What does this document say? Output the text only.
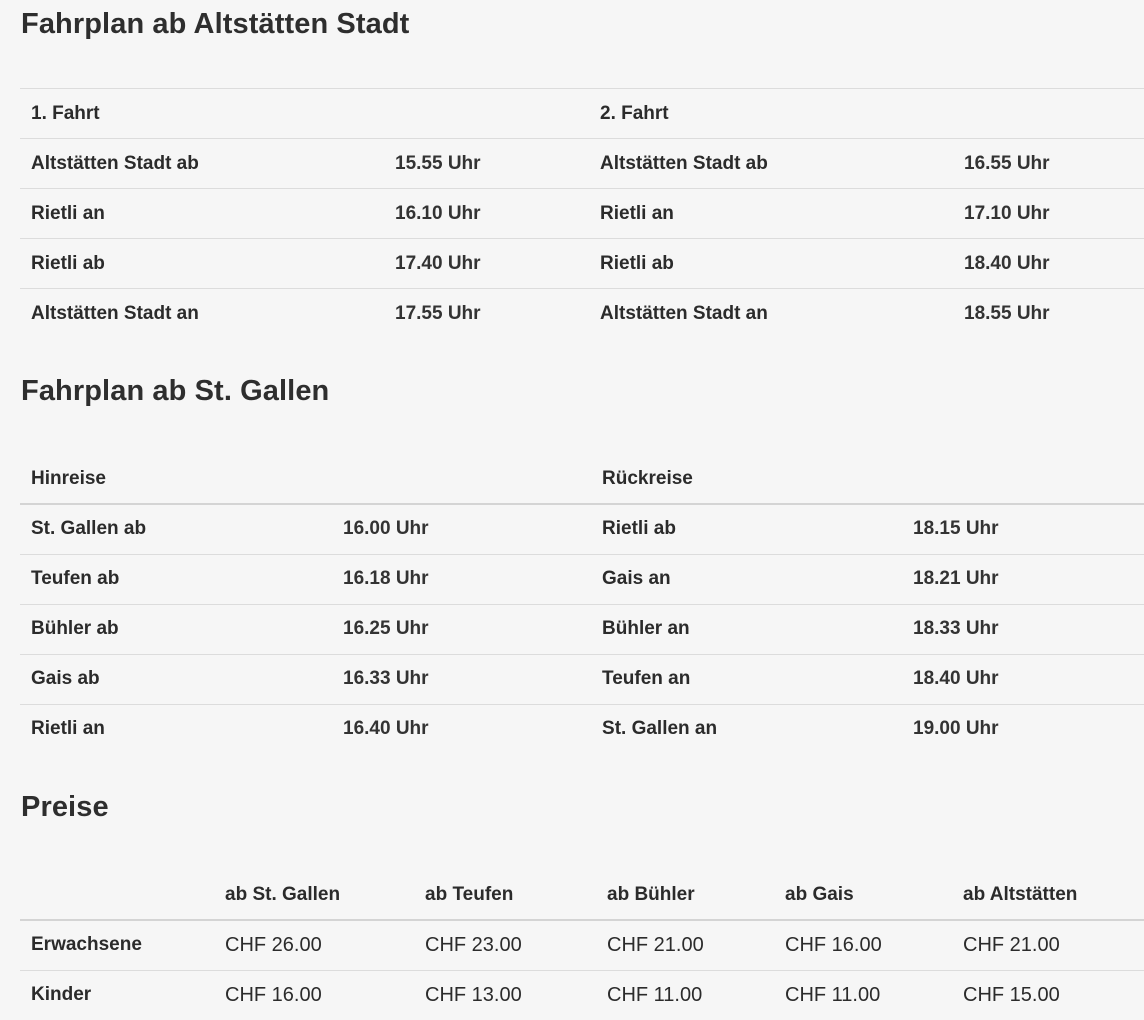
Fahrplan ab Altstätten Stadt
1. Fahrt		2. Fahrt	
Altstätten Stadt ab	15.55 Uhr	Altstätten Stadt ab	16.55 Uhr
Rietli an	16.10 Uhr	Rietli an	17.10 Uhr
Rietli ab	17.40 Uhr	Rietli ab	18.40 Uhr
Altstätten Stadt an	17.55 Uhr	Altstätten Stadt an	18.55 Uhr
Fahrplan ab St. Gallen
Hinreise		Rückreise	
St. Gallen ab	16.00 Uhr	Rietli ab	18.15 Uhr
Teufen ab	16.18 Uhr	Gais an	18.21 Uhr
Bühler ab	16.25 Uhr	Bühler an	18.33 Uhr
Gais ab	16.33 Uhr	Teufen an	18.40 Uhr
Rietli an	16.40 Uhr	St. Gallen an	19.00 Uhr
Preise
	ab St. Gallen	ab Teufen	ab Bühler	ab Gais	ab Altstätten
Erwachsene	CHF 26.00	CHF 23.00	CHF 21.00	CHF 16.00	CHF 21.00
Kinder	CHF 16.00	CHF 13.00	CHF 11.00	CHF 11.00	CHF 15.00
